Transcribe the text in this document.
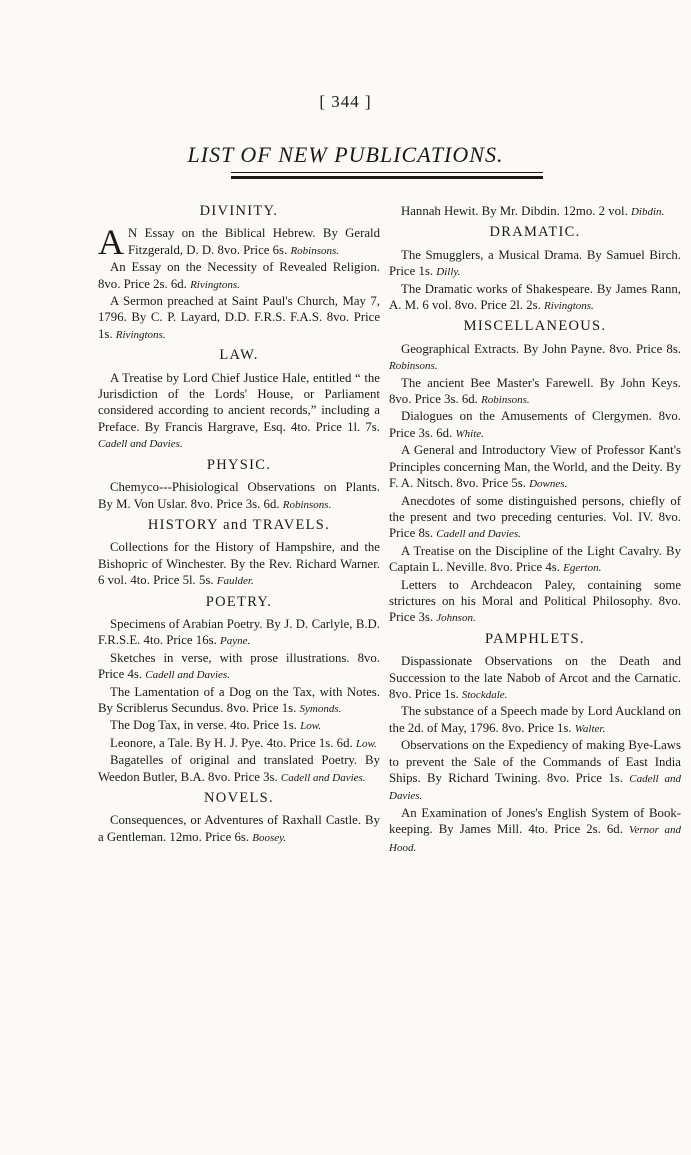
[ 344 ]
LIST OF NEW PUBLICATIONS.
DIVINITY.

A N Essay on the Biblical Hebrew. By Gerald Fitzgerald, D. D. 8vo. Price 6s. Robinsons.

An Essay on the Necessity of Revealed Religion. 8vo. Price 2s. 6d. Rivingtons.

A Sermon preached at Saint Paul's Church, May 7, 1796. By C. P. Layard, D.D. F.R.S. F.A.S. 8vo. Price 1s. Rivingtons.

LAW.

A Treatise by Lord Chief Justice Hale, entitled “ the Jurisdiction of the Lords' House, or Parliament considered according to ancient records,” including a Preface. By Francis Hargrave, Esq. 4to. Price 1l. 7s. Cadell and Davies.

PHYSIC.

Chemyco---Phisiological Observations on Plants. By M. Von Uslar. 8vo. Price 3s. 6d. Robinsons.

HISTORY and TRAVELS.

Collections for the History of Hampshire, and the Bishopric of Winchester. By the Rev. Richard Warner. 6 vol. 4to. Price 5l. 5s. Faulder.

POETRY.

Specimens of Arabian Poetry. By J. D. Carlyle, B.D. F.R.S.E. 4to. Price 16s. Payne.

Sketches in verse, with prose illustrations. 8vo. Price 4s. Cadell and Davies.

The Lamentation of a Dog on the Tax, with Notes. By Scriblerus Secundus. 8vo. Price 1s. Symonds.

The Dog Tax, in verse. 4to. Price 1s. Low.

Leonore, a Tale. By H. J. Pye. 4to. Price 1s. 6d. Low.

Bagatelles of original and translated Poetry. By Weedon Butler, B.A. 8vo. Price 3s. Cadell and Davies.

NOVELS.

Consequences, or Adventures of Raxhall Castle. By a Gentleman. 12mo. Price 6s. Boosey.

Hannah Hewit. By Mr. Dibdin. 12mo. 2 vol. Dibdin.

DRAMATIC.

The Smugglers, a Musical Drama. By Samuel Birch. Price 1s. Dilly.

The Dramatic works of Shakespeare. By James Rann, A. M. 6 vol. 8vo. Price 2l. 2s. Rivingtons.

MISCELLANEOUS.

Geographical Extracts. By John Payne. 8vo. Price 8s. Robinsons.

The ancient Bee Master's Farewell. By John Keys. 8vo. Price 3s. 6d. Robinsons.

Dialogues on the Amusements of Clergymen. 8vo. Price 3s. 6d. White.

A General and Introductory View of Professor Kant's Principles concerning Man, the World, and the Deity. By F. A. Nitsch. 8vo. Price 5s. Downes.

Anecdotes of some distinguished persons, chiefly of the present and two preceding centuries. Vol. IV. 8vo. Price 8s. Cadell and Davies.

A Treatise on the Discipline of the Light Cavalry. By Captain L. Neville. 8vo. Price 4s. Egerton.

Letters to Archdeacon Paley, containing some strictures on his Moral and Political Philosophy. 8vo. Price 3s. Johnson.

PAMPHLETS.

Dispassionate Observations on the Death and Succession to the late Nabob of Arcot and the Carnatic. 8vo. Price 1s. Stockdale.

The substance of a Speech made by Lord Auckland on the 2d. of May, 1796. 8vo. Price 1s. Walter.

Observations on the Expediency of making Bye-Laws to prevent the Sale of the Commands of East India Ships. By Richard Twining. 8vo. Price 1s. Cadell and Davies.

An Examination of Jones's English System of Book-keeping. By James Mill. 4to. Price 2s. 6d. Vernor and Hood.
